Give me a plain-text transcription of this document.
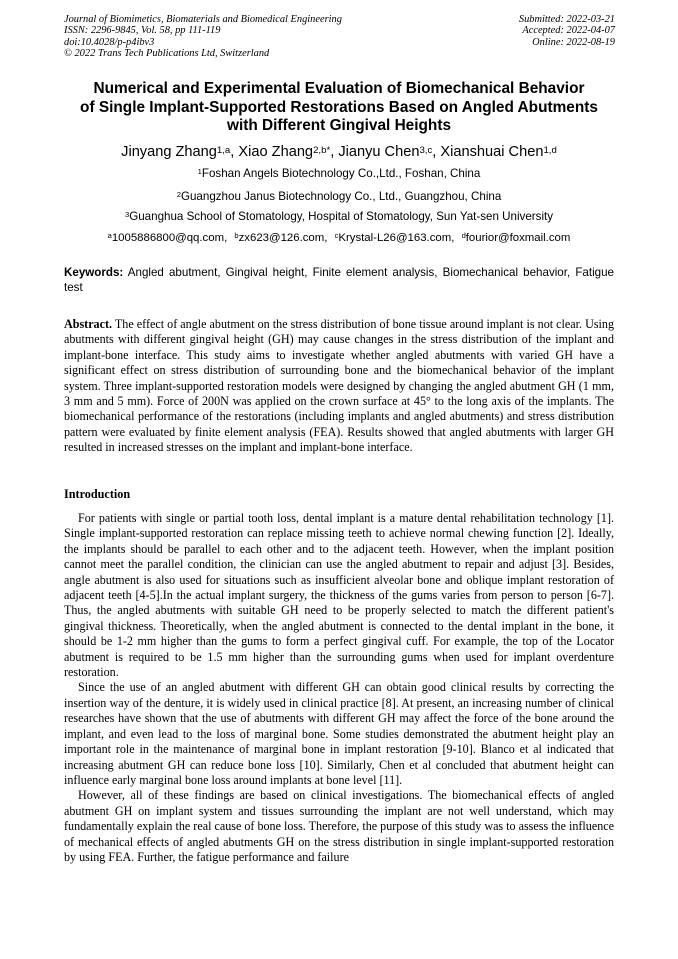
Journal of Biomimetics, Biomaterials and Biomedical Engineering
ISSN: 2296-9845, Vol. 58, pp 111-119
doi:10.4028/p-p4ibv3
© 2022 Trans Tech Publications Ltd, Switzerland
Submitted: 2022-03-21
Accepted: 2022-04-07
Online: 2022-08-19
Numerical and Experimental Evaluation of Biomechanical Behavior
of Single Implant-Supported Restorations Based on Angled Abutments
with Different Gingival Heights
Jinyang Zhang$^{1,a}$, Xiao Zhang$^{2,b*}$, Jianyu Chen$^{3,c}$, Xianshuai Chen$^{1,d}$
$^1$Foshan Angels Biotechnology Co.,Ltd., Foshan, China
$^2$Guangzhou Janus Biotechnology Co., Ltd., Guangzhou, China
$^3$Guanghua School of Stomatology, Hospital of Stomatology, Sun Yat-sen University
$^a$1005886800@qq.com, $^b$zx623@126.com, $^c$Krystal-L26@163.com, $^d$fourior@foxmail.com
Keywords: Angled abutment, Gingival height, Finite element analysis, Biomechanical behavior, Fatigue test
Abstract. The effect of angle abutment on the stress distribution of bone tissue around implant is not clear. Using abutments with different gingival height (GH) may cause changes in the stress distribution of the implant and implant-bone interface. This study aims to investigate whether angled abutments with varied GH have a significant effect on stress distribution of surrounding bone and the biomechanical behavior of the implant system. Three implant-supported restoration models were designed by changing the angled abutment GH (1 mm, 3 mm and 5 mm). Force of 200N was applied on the crown surface at 45° to the long axis of the implants. The biomechanical performance of the restorations (including implants and angled abutments) and stress distribution pattern were evaluated by finite element analysis (FEA). Results showed that angled abutments with larger GH resulted in increased stresses on the implant and implant-bone interface.
Introduction

For patients with single or partial tooth loss, dental implant is a mature dental rehabilitation technology [1]. Single implant-supported restoration can replace missing teeth to achieve normal chewing function [2]. Ideally, the implants should be parallel to each other and to the adjacent teeth. However, when the implant position cannot meet the parallel condition, the clinician can use the angled abutment to repair and adjust [3]. Besides, angle abutment is also used for situations such as insufficient alveolar bone and oblique implant restoration of adjacent teeth [4-5].In the actual implant surgery, the thickness of the gums varies from person to person [6-7]. Thus, the angled abutments with suitable GH need to be properly selected to match the different patient's gingival thickness. Theoretically, when the angled abutment is connected to the dental implant in the bone, it should be 1-2 mm higher than the gums to form a perfect gingival cuff. For example, the top of the Locator abutment is required to be 1.5 mm higher than the surrounding gums when used for implant overdenture restoration.

Since the use of an angled abutment with different GH can obtain good clinical results by correcting the insertion way of the denture, it is widely used in clinical practice [8]. At present, an increasing number of clinical researches have shown that the use of abutments with different GH may affect the force of the bone around the implant, and even lead to the loss of marginal bone. Some studies demonstrated the abutment height play an important role in the maintenance of marginal bone in implant restoration [9-10]. Blanco et al indicated that increasing abutment GH can reduce bone loss [10]. Similarly, Chen et al concluded that abutment height can influence early marginal bone loss around implants at bone level [11].

However, all of these findings are based on clinical investigations. The biomechanical effects of angled abutment GH on implant system and tissues surrounding the implant are not well understand, which may fundamentally explain the real cause of bone loss. Therefore, the purpose of this study was to assess the influence of mechanical effects of angled abutments GH on the stress distribution in single implant-supported restoration by using FEA. Further, the fatigue performance and failure
